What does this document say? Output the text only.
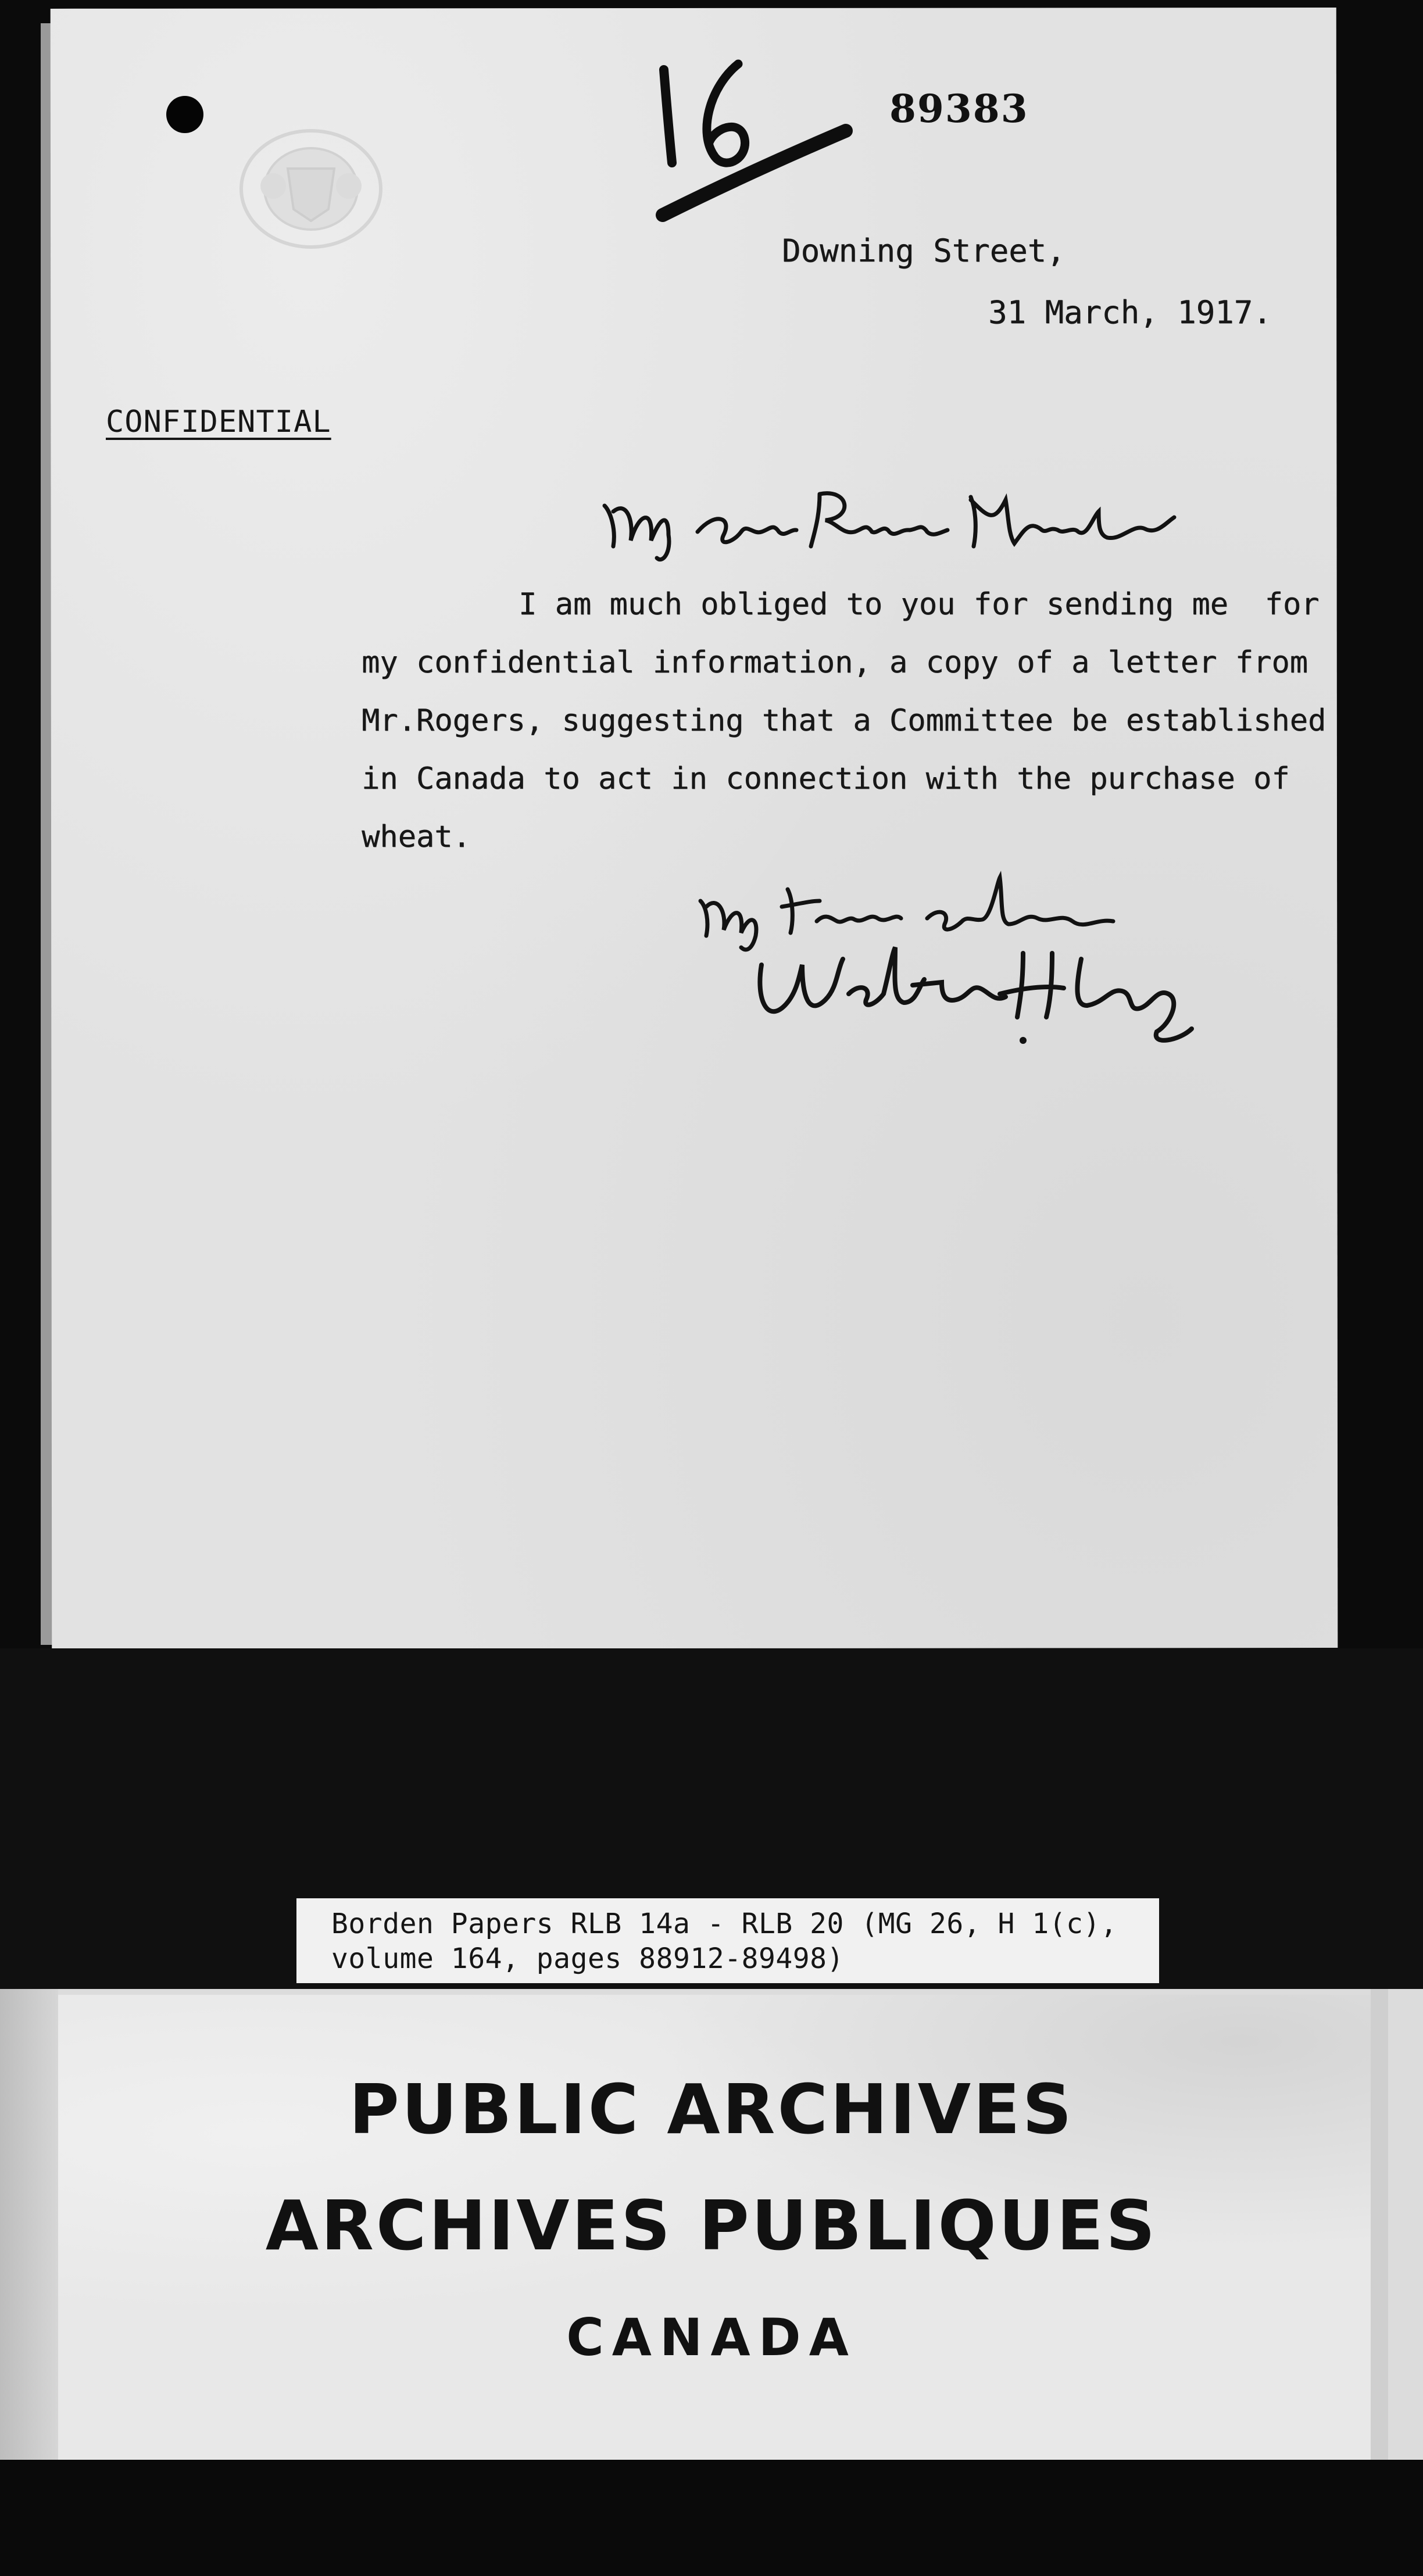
89383
Downing Street,
31 March, 1917.
CONFIDENTIAL
I am much obliged to you for sending me  for
my confidential information, a copy of a letter from
Mr.Rogers, suggesting that a Committee be established
in Canada to act in connection with the purchase of
wheat.
Borden Papers RLB 14a - RLB 20 (MG 26, H 1(c),
volume 164, pages 88912-89498)
PUBLIC ARCHIVES
ARCHIVES PUBLIQUES
CANADA
